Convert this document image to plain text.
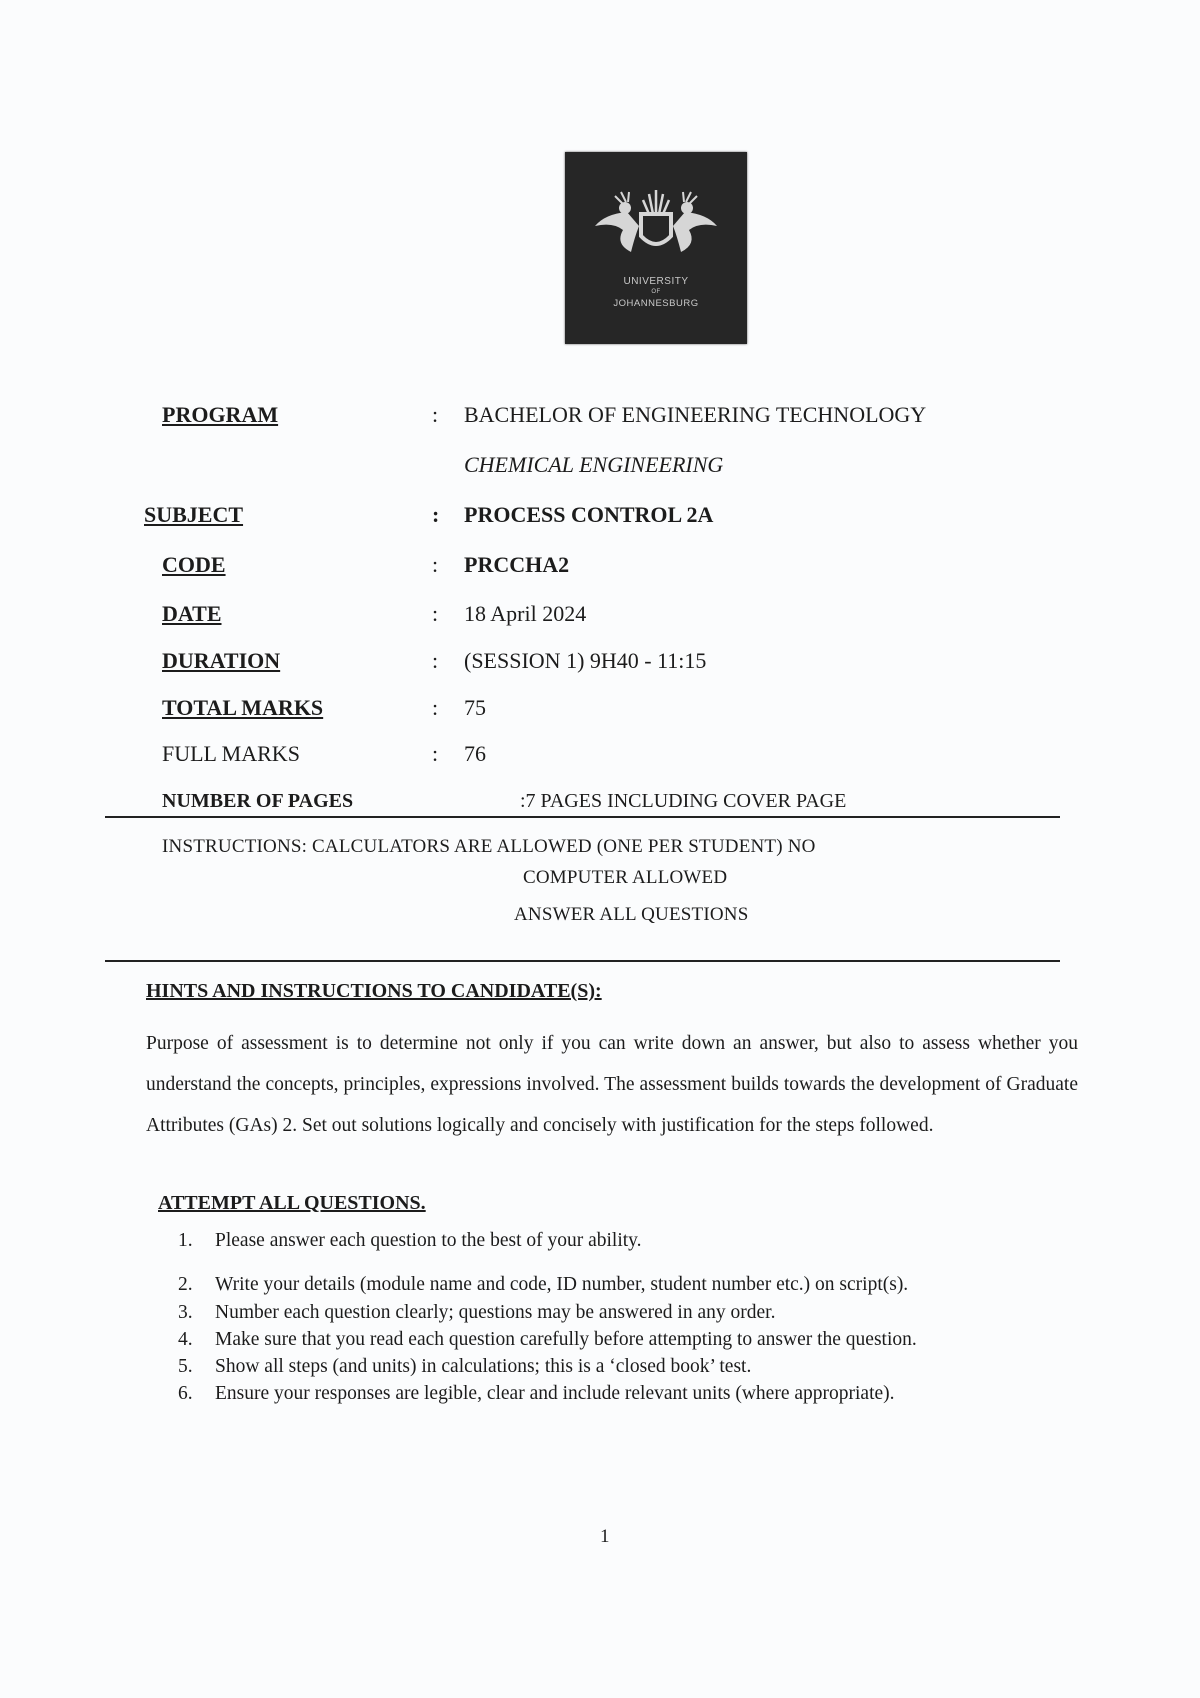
UNIVERSITY
OF
JOHANNESBURG
PROGRAM	: BACHELOR OF ENGINEERING TECHNOLOGY
CHEMICAL ENGINEERING
SUBJECT	: PROCESS CONTROL 2A
CODE	: PRCCHA2
DATE	: 18 April 2024
DURATION	: (SESSION 1) 9H40 - 11:15
TOTAL MARKS	: 75
FULL MARKS	: 76
NUMBER OF PAGES	:7 PAGES INCLUDING COVER PAGE
INSTRUCTIONS: CALCULATORS ARE ALLOWED (ONE PER STUDENT) NO
COMPUTER ALLOWED
ANSWER ALL QUESTIONS
HINTS AND INSTRUCTIONS TO CANDIDATE(S):
Purpose of assessment is to determine not only if you can write down an answer, but also to assess whether you understand the concepts, principles, expressions involved. The assessment builds towards the development of Graduate Attributes (GAs) 2. Set out solutions logically and concisely with justification for the steps followed.
ATTEMPT ALL QUESTIONS.
1. Please answer each question to the best of your ability.
2. Write your details (module name and code, ID number, student number etc.) on script(s).
3. Number each question clearly; questions may be answered in any order.
4. Make sure that you read each question carefully before attempting to answer the question.
5. Show all steps (and units) in calculations; this is a ‘closed book’ test.
6. Ensure your responses are legible, clear and include relevant units (where appropriate).
1
